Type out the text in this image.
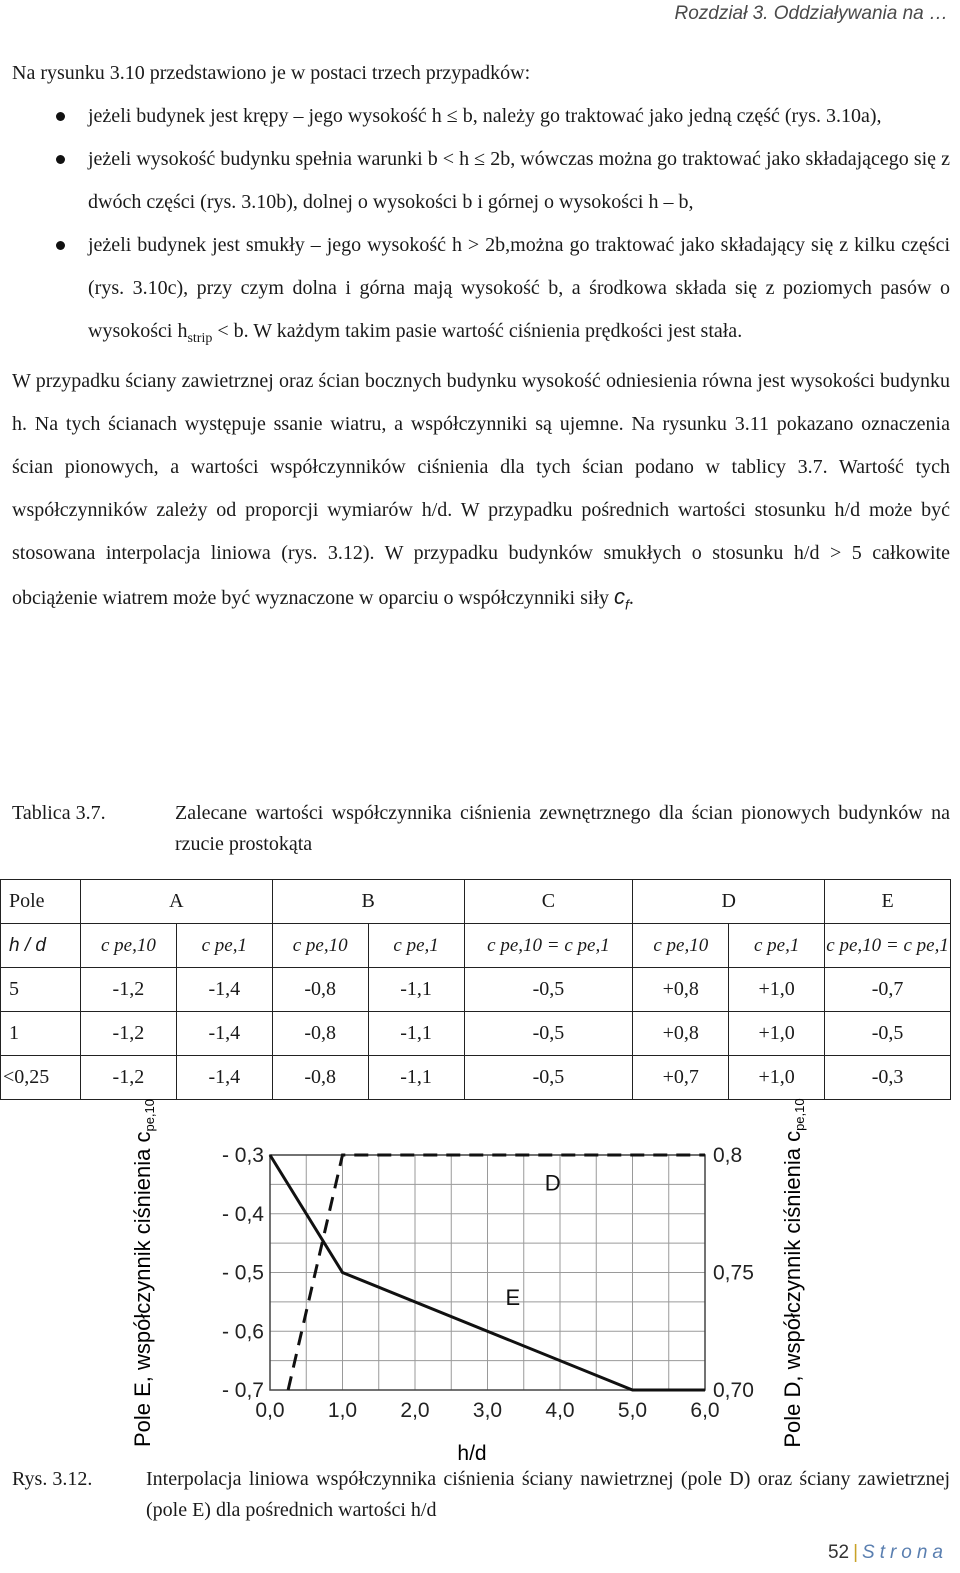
Rozdział 3. Oddziaływania na …

Na rysunku 3.10 przedstawiono je w postaci trzech przypadków:

jeżeli budynek jest krępy – jego wysokość h ≤ b, należy go traktować jako jedną część (rys. 3.10a),
jeżeli wysokość budynku spełnia warunki b < h ≤ 2b, wówczas można go traktować jako składającego się z dwóch części (rys. 3.10b), dolnej o wysokości b i górnej o wysokości h – b,
jeżeli budynek jest smukły – jego wysokość h > 2b,można go traktować jako składający się z kilku części (rys. 3.10c), przy czym dolna i górna mają wysokość b, a środkowa składa się z poziomych pasów o wysokości $h_{strip} < b$. W każdym takim pasie wartość ciśnienia prędkości jest stała.

W przypadku ściany zawietrznej oraz ścian bocznych budynku wysokość odniesienia równa jest wysokości budynku h. Na tych ścianach występuje ssanie wiatru, a współczynniki są ujemne. Na rysunku 3.11 pokazano oznaczenia ścian pionowych, a wartości współczynników ciśnienia dla tych ścian podano w tablicy 3.7. Wartość tych współczynników zależy od proporcji wymiarów h/d. W przypadku pośrednich wartości stosunku h/d może być stosowana interpolacja liniowa (rys. 3.12). W przypadku budynków smukłych o stosunku h/d > 5 całkowite obciążenie wiatrem może być wyznaczone w oparciu o współczynniki siły $c_f$.

Tablica 3.7.	Zalecane wartości współczynnika ciśnienia zewnętrznego dla ścian pionowych budynków na rzucie prostokąta
Pole	A		B		C	D		E
h / d	c pe,10	c pe,1	c pe,10	c pe,1	c pe,10 = c pe,1	c pe,10	c pe,1	c pe,10 = c pe,1
5	-1,2	-1,4	-0,8	-1,1	-0,5	+0,8	+1,0	-0,7
1	-1,2	-1,4	-0,8	-1,1	-0,5	+0,8	+1,0	-0,5
<0,25	-1,2	-1,4	-0,8	-1,1	-0,5	+0,7	+1,0	-0,3
D
E
0,0 1,0 2,0 3,0 4,0 5,0 6,0
- 0,3
- 0,4
- 0,5
- 0,6
- 0,7
0,8
0,75
0,70
h/d
Pole E, współczynnik ciśnienia cpe,10
Pole D, współczynnik ciśnienia cpe,10
Rys. 3.12.	Interpolacja liniowa współczynnika ciśnienia ściany nawietrznej (pole D) oraz ściany zawietrznej (pole E) dla pośrednich wartości h/d
52 | Strona
